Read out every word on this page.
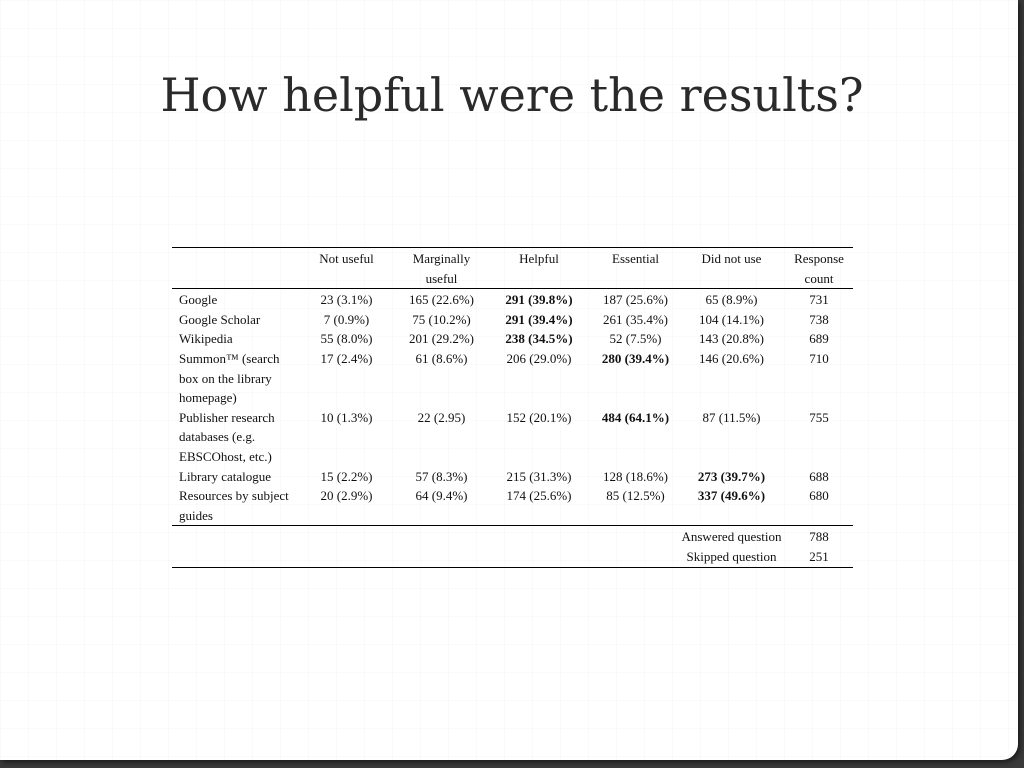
How helpful were the results?
	Not useful	Marginally useful	Helpful	Essential	Did not use	Response count
Google	23 (3.1%)	165 (22.6%)	291 (39.8%)	187 (25.6%)	65 (8.9%)	731
Google Scholar	7 (0.9%)	75 (10.2%)	291 (39.4%)	261 (35.4%)	104 (14.1%)	738
Wikipedia	55 (8.0%)	201 (29.2%)	238 (34.5%)	52 (7.5%)	143 (20.8%)	689
Summon™ (search box on the library homepage)	17 (2.4%)	61 (8.6%)	206 (29.0%)	280 (39.4%)	146 (20.6%)	710
Publisher research databases (e.g. EBSCOhost, etc.)	10 (1.3%)	22 (2.95)	152 (20.1%)	484 (64.1%)	87 (11.5%)	755
Library catalogue	15 (2.2%)	57 (8.3%)	215 (31.3%)	128 (18.6%)	273 (39.7%)	688
Resources by subject guides	20 (2.9%)	64 (9.4%)	174 (25.6%)	85 (12.5%)	337 (49.6%)	680
					Answered question	788
					Skipped question	251
